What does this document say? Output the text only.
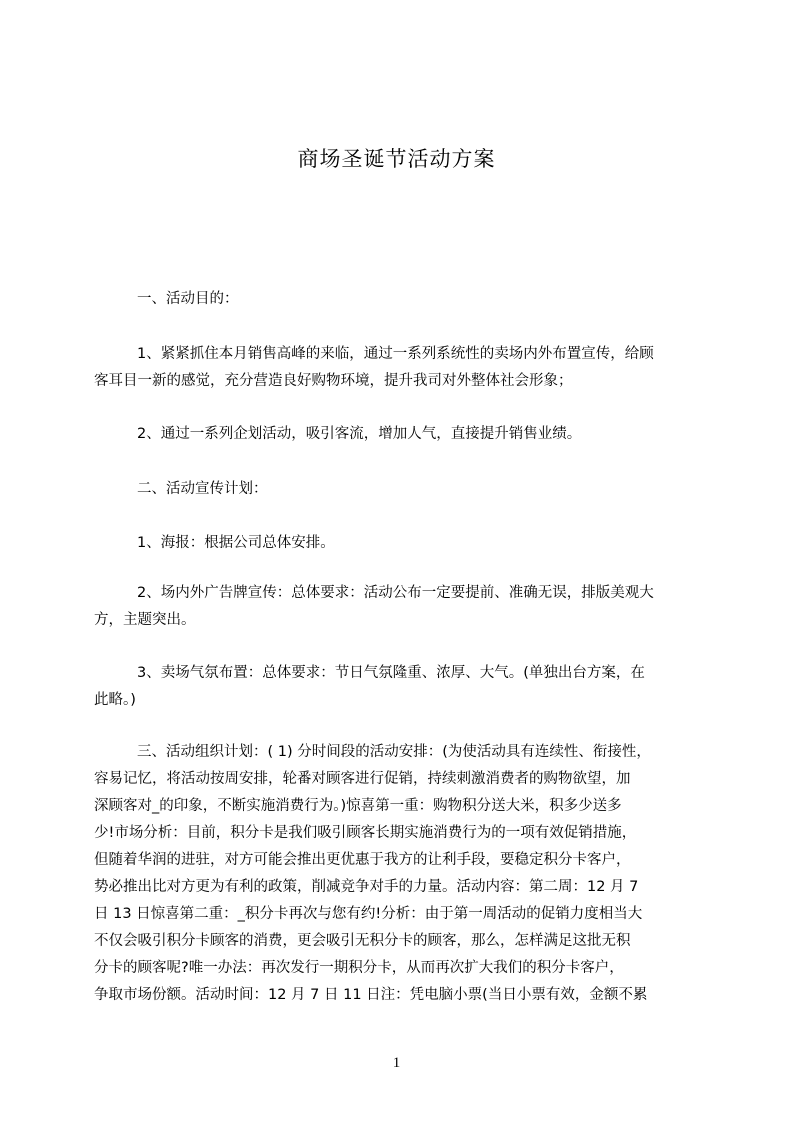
商场圣诞节活动方案
一、活动目的：
1、紧紧抓住本月销售高峰的来临，通过一系列系统性的卖场内外布置宣传，给顾
客耳目一新的感觉，充分营造良好购物环境，提升我司对外整体社会形象；
2、通过一系列企划活动，吸引客流，增加人气，直接提升销售业绩。
二、活动宣传计划：
1、海报：根据公司总体安排。
2、场内外广告牌宣传：总体要求：活动公布一定要提前、准确无误，排版美观大
方，主题突出。
3、卖场气氛布置：总体要求：节日气氛隆重、浓厚、大气。(单独出台方案，在
此略。)
三、活动组织计划：( 1) 分时间段的活动安排：(为使活动具有连续性、衔接性，
容易记忆，将活动按周安排，轮番对顾客进行促销，持续刺激消费者的购物欲望，加
深顾客对_的印象，不断实施消费行为。)惊喜第一重：购物积分送大米，积多少送多
少!市场分析：目前，积分卡是我们吸引顾客长期实施消费行为的一项有效促销措施，
但随着华润的进驻，对方可能会推出更优惠于我方的让利手段，要稳定积分卡客户，
势必推出比对方更为有利的政策，削减竞争对手的力量。活动内容：第二周：12 月 7
日 13 日惊喜第二重：_积分卡再次与您有约!分析：由于第一周活动的促销力度相当大
不仅会吸引积分卡顾客的消费，更会吸引无积分卡的顾客，那么，怎样满足这批无积
分卡的顾客呢?唯一办法：再次发行一期积分卡，从而再次扩大我们的积分卡客户，
争取市场份额。活动时间：12 月 7 日 11 日注：凭电脑小票(当日小票有效，金额不累
1
